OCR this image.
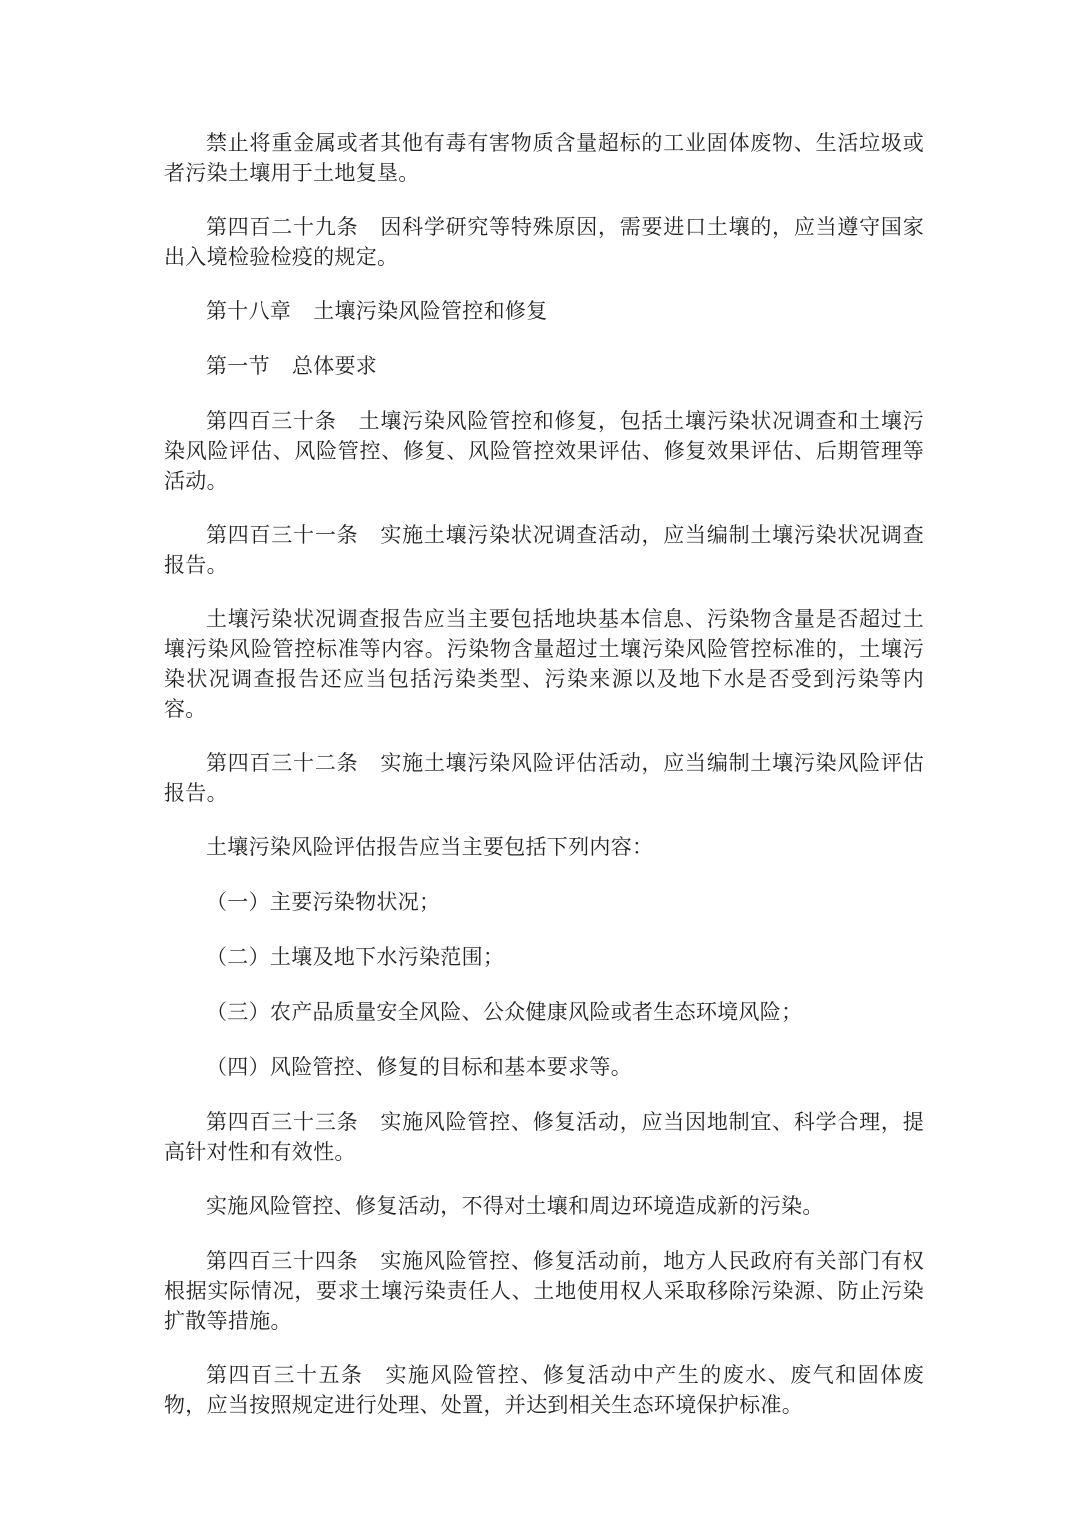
禁止将重金属或者其他有毒有害物质含量超标的工业固体废物、生活垃圾或者污染土壤用于土地复垦。

第四百二十九条 因科学研究等特殊原因，需要进口土壤的，应当遵守国家出入境检验检疫的规定。

第十八章 土壤污染风险管控和修复

第一节 总体要求

第四百三十条 土壤污染风险管控和修复，包括土壤污染状况调查和土壤污染风险评估、风险管控、修复、风险管控效果评估、修复效果评估、后期管理等活动。

第四百三十一条 实施土壤污染状况调查活动，应当编制土壤污染状况调查报告。

土壤污染状况调查报告应当主要包括地块基本信息、污染物含量是否超过土壤污染风险管控标准等内容。污染物含量超过土壤污染风险管控标准的，土壤污染状况调查报告还应当包括污染类型、污染来源以及地下水是否受到污染等内容。

第四百三十二条 实施土壤污染风险评估活动，应当编制土壤污染风险评估报告。

土壤污染风险评估报告应当主要包括下列内容：

（一）主要污染物状况；

（二）土壤及地下水污染范围；

（三）农产品质量安全风险、公众健康风险或者生态环境风险；

（四）风险管控、修复的目标和基本要求等。

第四百三十三条 实施风险管控、修复活动，应当因地制宜、科学合理，提高针对性和有效性。

实施风险管控、修复活动，不得对土壤和周边环境造成新的污染。

第四百三十四条 实施风险管控、修复活动前，地方人民政府有关部门有权根据实际情况，要求土壤污染责任人、土地使用权人采取移除污染源、防止污染扩散等措施。

第四百三十五条 实施风险管控、修复活动中产生的废水、废气和固体废物，应当按照规定进行处理、处置，并达到相关生态环境保护标准。
